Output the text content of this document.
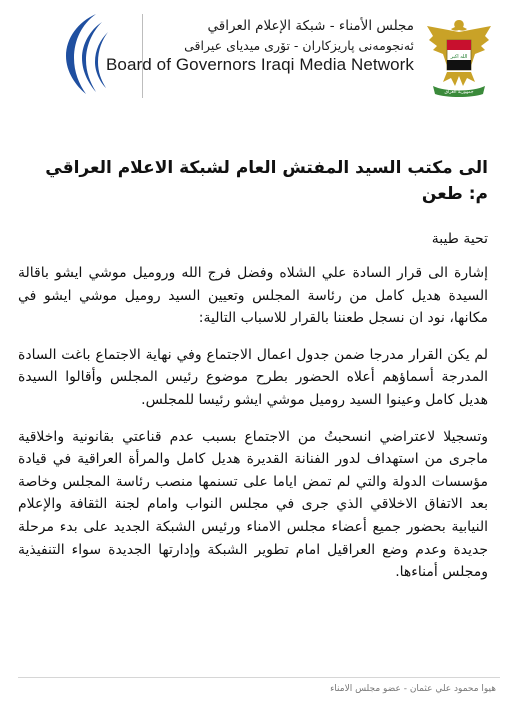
مجلس الأمناء - شبكة الإعلام العراقي
ئەنجومەنی پاریزکاران - تۆری میدیای عیراقی
Board of Governors Iraqi Media Network	الله اكبر
جمهورية العراق

الى مكتب السيد المفتش العام لشبكة الاعلام العراقي

م: طعن

تحية طيبة

إشارة الى قرار السادة علي الشلاه وفضل فرج الله وروميل موشي ايشو باقالة السيدة هديل كامل من رئاسة المجلس وتعيين السيد روميل موشي ايشو في مكانها، نود ان نسجل طعننا بالقرار للاسباب التالية:

لم يكن القرار مدرجا ضمن جدول اعمال الاجتماع وفي نهاية الاجتماع باغت السادة المدرجة أسماؤهم أعلاه الحضور بطرح موضوع رئيس المجلس وأقالوا السيدة هديل كامل وعينوا السيد روميل موشي ايشو رئيسا للمجلس.

وتسجيلا لاعتراضي انسحبتُ من الاجتماع بسبب عدم قناعتي بقانونية واخلاقية ماجرى من استهداف لدور الفنانة القديرة هديل كامل والمرأة العراقية في قيادة مؤسسات الدولة والتي لم تمض اياما على تسنمها منصب رئاسة المجلس وخاصة بعد الاتفاق الاخلاقي الذي جرى في مجلس النواب وامام لجنة الثقافة والإعلام النيابية بحضور جميع أعضاء مجلس الامناء ورئيس الشبكة الجديد على بدء مرحلة جديدة وعدم وضع العراقيل امام تطوير الشبكة وإدارتها الجديدة سواء التنفيذية ومجلس أمناءها.

هيوا محمود علي عثمان - عضو مجلس الامناء
